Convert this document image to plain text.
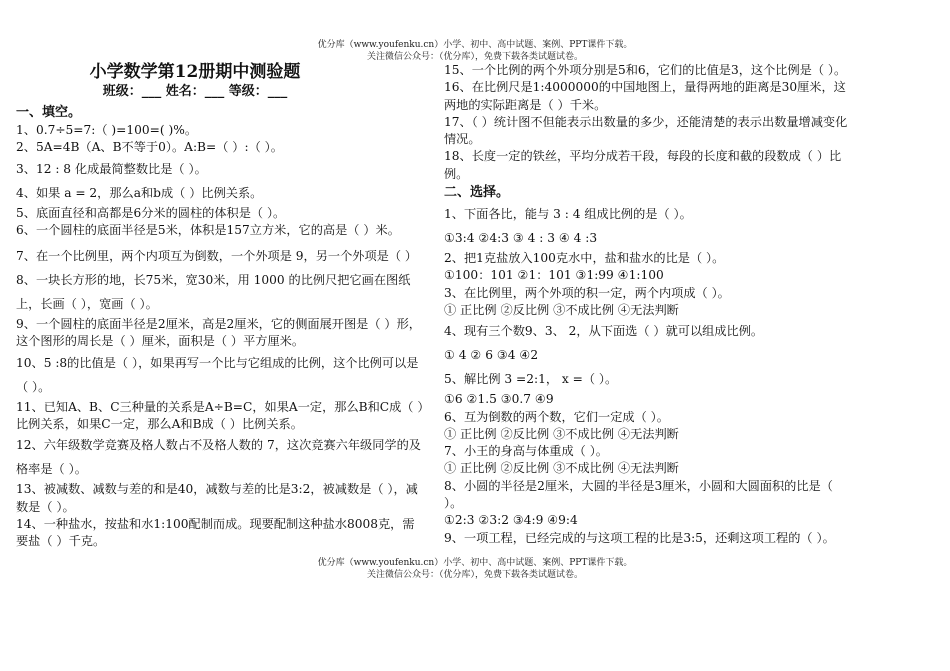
优分库（www.youfenku.cn）小学、初中、高中试题、案例、PPT课件下载。
关注微信公众号：（优分库），免费下载各类试题试卷。
小学数学第12册期中测验题
班级：___ 姓名：___ 等级：___
一、填空。

1、0.7÷5=7:（ )=100=( )%。

2、5A=4B（A、B不等于0）。A:B=（ ）:（ ）。

3、12 : 8 化成最简整数比是（ ）。

4、如果 a = 2，那么a和b成（ ）比例关系。

5、底面直径和高都是6分米的圆柱的体积是（ ）。

6、一个圆柱的底面半径是5米，体积是157立方米，它的高是（ ）米。

7、在一个比例里，两个内项互为倒数，一个外项是 9，另一个外项是（ ）

8、一块长方形的地，长75米，宽30米，用 1000 的比例尺把它画在图纸上，长画（ ），宽画（ ）。

9、一个圆柱的底面半径是2厘米，高是2厘米，它的侧面展开图是（ ）形，这个图形的周长是（ ）厘米，面积是（ ）平方厘米。

10、5 :8的比值是（ ），如果再写一个比与它组成的比例，这个比例可以是（ ）。

11、已知A、B、C三种量的关系是A÷B=C，如果A一定，那么B和C成（ ）比例关系，如果C一定，那么A和B成（ ）比例关系。

12、六年级数学竞赛及格人数占不及格人数的 7，这次竞赛六年级同学的及格率是（ ）。

13、被减数、减数与差的和是40，减数与差的比是3:2，被减数是（ ），减数是（ ）。

14、一种盐水，按盐和水1:100配制而成。现要配制这种盐水8008克，需要盐（ ）千克。

15、一个比例的两个外项分别是5和6，它们的比值是3，这个比例是（ ）。

16、在比例尺是1:4000000的中国地图上，量得两地的距离是30厘米，这两地的实际距离是（ ）千米。

17、（ ）统计图不但能表示出数量的多少，还能清楚的表示出数量增减变化情况。

18、长度一定的铁丝，平均分成若干段，每段的长度和截的段数成（ ）比例。

二、选择。

1、下面各比，能与 3 : 4 组成比例的是（ ）。

①3:4 ②4:3 ③ 4 : 3 ④ 4 :3

2、把1克盐放入100克水中，盐和盐水的比是（ ）。

①100：101 ②1：101 ③1:99 ④1:100

3、在比例里，两个外项的积一定，两个内项成（ ）。

① 正比例 ②反比例 ③不成比例 ④无法判断

4、现有三个数9、3、 2，从下面选（ ）就可以组成比例。

① 4 ② 6 ③4 ④2

5、解比例 3 =2:1， x =（ ）。

①6 ②1.5 ③0.7 ④9

6、互为倒数的两个数，它们一定成（ ）。

① 正比例 ②反比例 ③不成比例 ④无法判断

7、小王的身高与体重成（ ）。

① 正比例 ②反比例 ③不成比例 ④无法判断

8、小圆的半径是2厘米，大圆的半径是3厘米，小圆和大圆面积的比是（ ）。

①2:3 ②3:2 ③4:9 ④9:4

9、一项工程，已经完成的与这项工程的比是3:5，还剩这项工程的（ ）。

优分库（www.youfenku.cn）小学、初中、高中试题、案例、PPT课件下载。
关注微信公众号：（优分库），免费下载各类试题试卷。
